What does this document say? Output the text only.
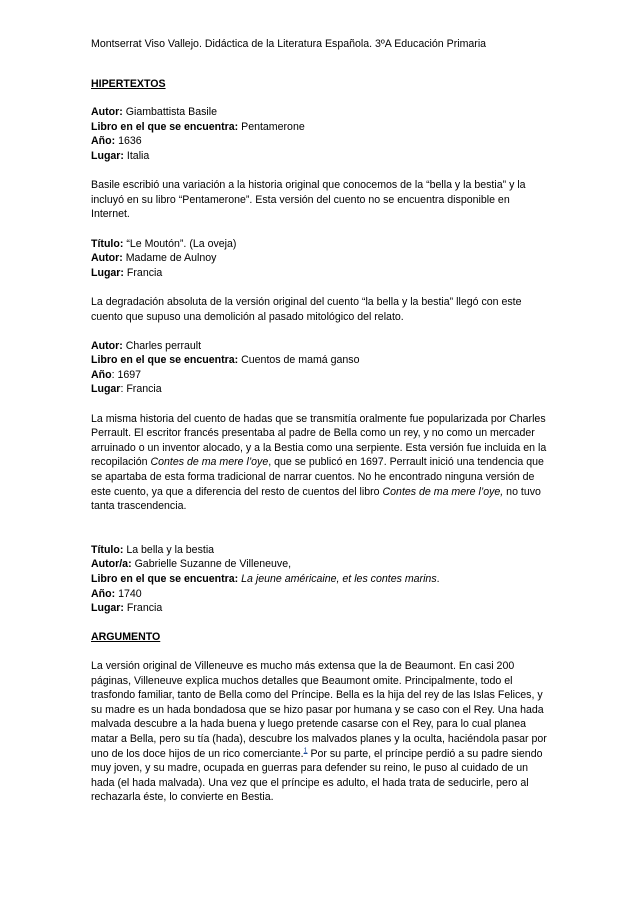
Montserrat Viso Vallejo. Didáctica de la Literatura Española. 3ºA Educación Primaria

HIPERTEXTOS

Autor: Giambattista Basile

Libro en el que se encuentra: Pentamerone

Año: 1636

Lugar: Italia

Basile escribió una variación a la historia original que conocemos de la “bella y la bestia” y la incluyó en su libro “Pentamerone”. Esta versión del cuento no se encuentra disponible en Internet.

Título: “Le Moutón”. (La oveja)

Autor: Madame de Aulnoy

Lugar: Francia

La degradación absoluta de la versión original del cuento “la bella y la bestia” llegó con este cuento que supuso una demolición al pasado mitológico del relato.

Autor: Charles perrault

Libro en el que se encuentra: Cuentos de mamá ganso

Año: 1697

Lugar: Francia

La misma historia del cuento de hadas que se transmitía oralmente fue popularizada por Charles Perrault. El escritor francés presentaba al padre de Bella como un rey, y no como un mercader arruinado o un inventor alocado, y a la Bestia como una serpiente. Esta versión fue incluida en la recopilación Contes de ma mere l’oye, que se publicó en 1697. Perrault inició una tendencia que se apartaba de esta forma tradicional de narrar cuentos. No he encontrado ninguna versión de este cuento, ya que a diferencia del resto de cuentos del libro Contes de ma mere l’oye, no tuvo tanta trascendencia.

Título: La bella y la bestia

Autor/a: Gabrielle Suzanne de Villeneuve,

Libro en el que se encuentra: La jeune américaine, et les contes marins.

Año: 1740

Lugar: Francia

ARGUMENTO

La versión original de Villeneuve es mucho más extensa que la de Beaumont. En casi 200 páginas, Villeneuve explica muchos detalles que Beaumont omite. Principalmente, todo el trasfondo familiar, tanto de Bella como del Príncipe. Bella es la hija del rey de las Islas Felices, y su madre es un hada bondadosa que se hizo pasar por humana y se caso con el Rey. Una hada malvada descubre a la hada buena y luego pretende casarse con el Rey, para lo cual planea matar a Bella, pero su tía (hada), descubre los malvados planes y la oculta, haciéndola pasar por uno de los doce hijos de un rico comerciante.$^1$ Por su parte, el príncipe perdió a su padre siendo muy joven, y su madre, ocupada en guerras para defender su reino, le puso al cuidado de un hada (el hada malvada). Una vez que el príncipe es adulto, el hada trata de seducirle, pero al rechazarla éste, lo convierte en Bestia.
